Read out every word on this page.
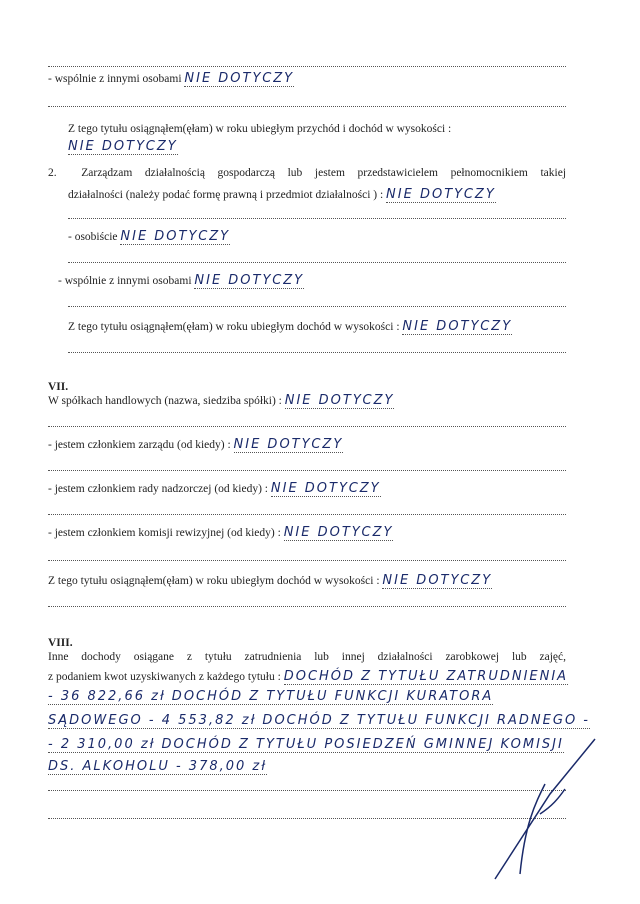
- wspólnie z innymi osobami NIE DOTYCZY
Z tego tytułu osiągnąłem(ęłam) w roku ubiegłym przychód i dochód w wysokości :
NIE DOTYCZY
2. Zarządzam działalnością gospodarczą lub jestem przedstawicielem pełnomocnikiem takiej
działalności (należy podać formę prawną i przedmiot działalności ) : NIE DOTYCZY
- osobiście NIE DOTYCZY
- wspólnie z innymi osobami NIE DOTYCZY
Z tego tytułu osiągnąłem(ęłam) w roku ubiegłym dochód w wysokości : NIE DOTYCZY
VII.
W spółkach handlowych (nazwa, siedziba spółki) : NIE DOTYCZY
- jestem członkiem zarządu (od kiedy) : NIE DOTYCZY
- jestem członkiem rady nadzorczej (od kiedy) : NIE DOTYCZY
- jestem członkiem komisji rewizyjnej (od kiedy) : NIE DOTYCZY
Z tego tytułu osiągnąłem(ęłam) w roku ubiegłym dochód w wysokości : NIE DOTYCZY
VIII.
Inne dochody osiągane z tytułu zatrudnienia lub innej działalności zarobkowej lub zajęć,
z podaniem kwot uzyskiwanych z każdego tytułu : DOCHÓD Z TYTUŁU ZATRUDNIENIA
- 36 822,66 zł DOCHÓD Z TYTUŁU FUNKCJI KURATORA
SĄDOWEGO - 4 553,82 zł DOCHÓD Z TYTUŁU FUNKCJI RADNEGO -
- 2 310,00 zł DOCHÓD Z TYTUŁU POSIEDZEŃ GMINNEJ KOMISJI
DS. ALKOHOLU - 378,00 zł
